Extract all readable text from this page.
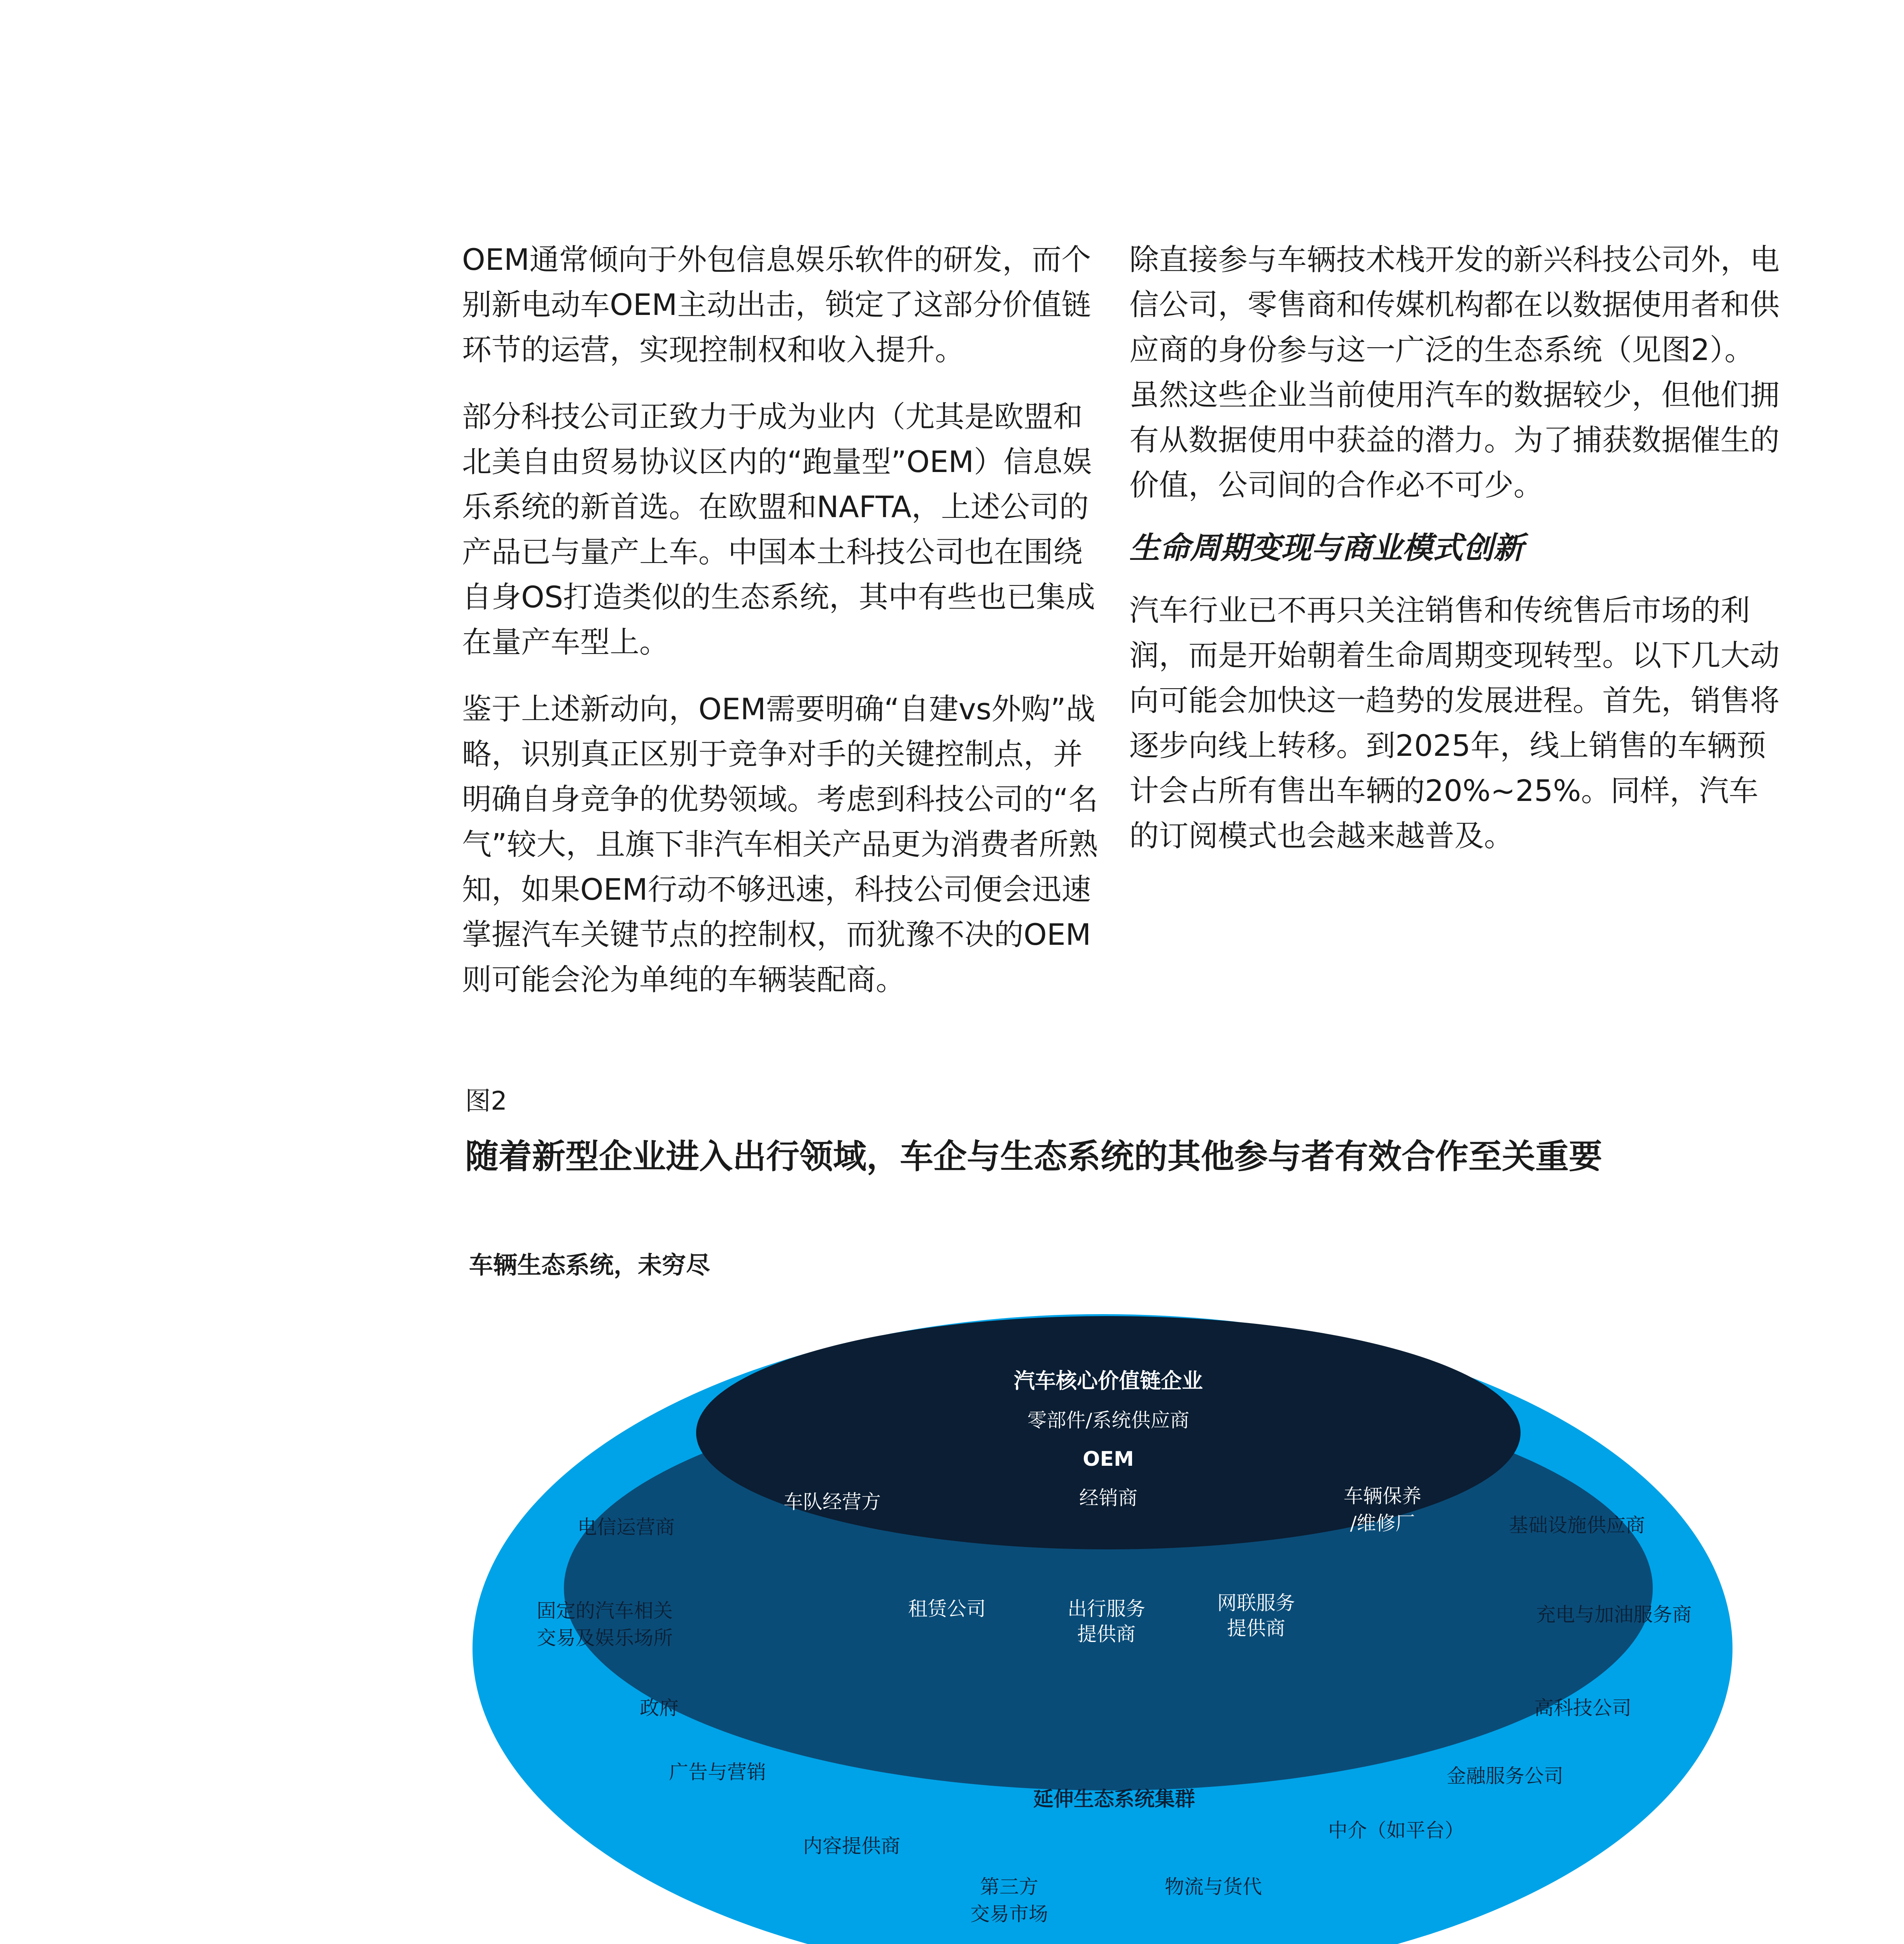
OEM通常倾向于外包信息娱乐软件的研发，而个别新电动车OEM主动出击，锁定了这部分价值链环节的运营，实现控制权和收入提升。

部分科技公司正致力于成为业内（尤其是欧盟和北美自由贸易协议区内的“跑量型”OEM）信息娱乐系统的新首选。在欧盟和NAFTA，上述公司的产品已与量产上车。中国本土科技公司也在围绕自身OS打造类似的生态系统，其中有些也已集成在量产车型上。

鉴于上述新动向，OEM需要明确“自建vs外购”战略，识别真正区别于竞争对手的关键控制点，并明确自身竞争的优势领域。考虑到科技公司的“名气”较大，且旗下非汽车相关产品更为消费者所熟知，如果OEM行动不够迅速，科技公司便会迅速掌握汽车关键节点的控制权，而犹豫不决的OEM则可能会沦为单纯的车辆装配商。

除直接参与车辆技术栈开发的新兴科技公司外，电信公司，零售商和传媒机构都在以数据使用者和供应商的身份参与这一广泛的生态系统（见图2）。虽然这些企业当前使用汽车的数据较少，但他们拥有从数据使用中获益的潜力。为了捕获数据催生的价值，公司间的合作必不可少。

生命周期变现与商业模式创新

汽车行业已不再只关注销售和传统售后市场的利润，而是开始朝着生命周期变现转型。以下几大动向可能会加快这一趋势的发展进程。首先，销售将逐步向线上转移。到2025年，线上销售的车辆预计会占所有售出车辆的20%~25%。同样，汽车的订阅模式也会越来越普及。

图2
随着新型企业进入出行领域，车企与生态系统的其他参与者有效合作至关重要
车辆生态系统，未穷尽
汽车核心价值链企业
零部件/系统供应商
OEM
经销商
车队经营方	车辆保养
/维修厂
租赁公司	出行服务
提供商
网联服务
提供商
延伸生态系统集群
电信运营商
固定的汽车相关
交易及娱乐场所
政府
广告与营销
内容提供商
第三方
交易市场
物流与货代
中介（如平台）
金融服务公司
高科技公司
充电与加油服务商
基础设施供应商
